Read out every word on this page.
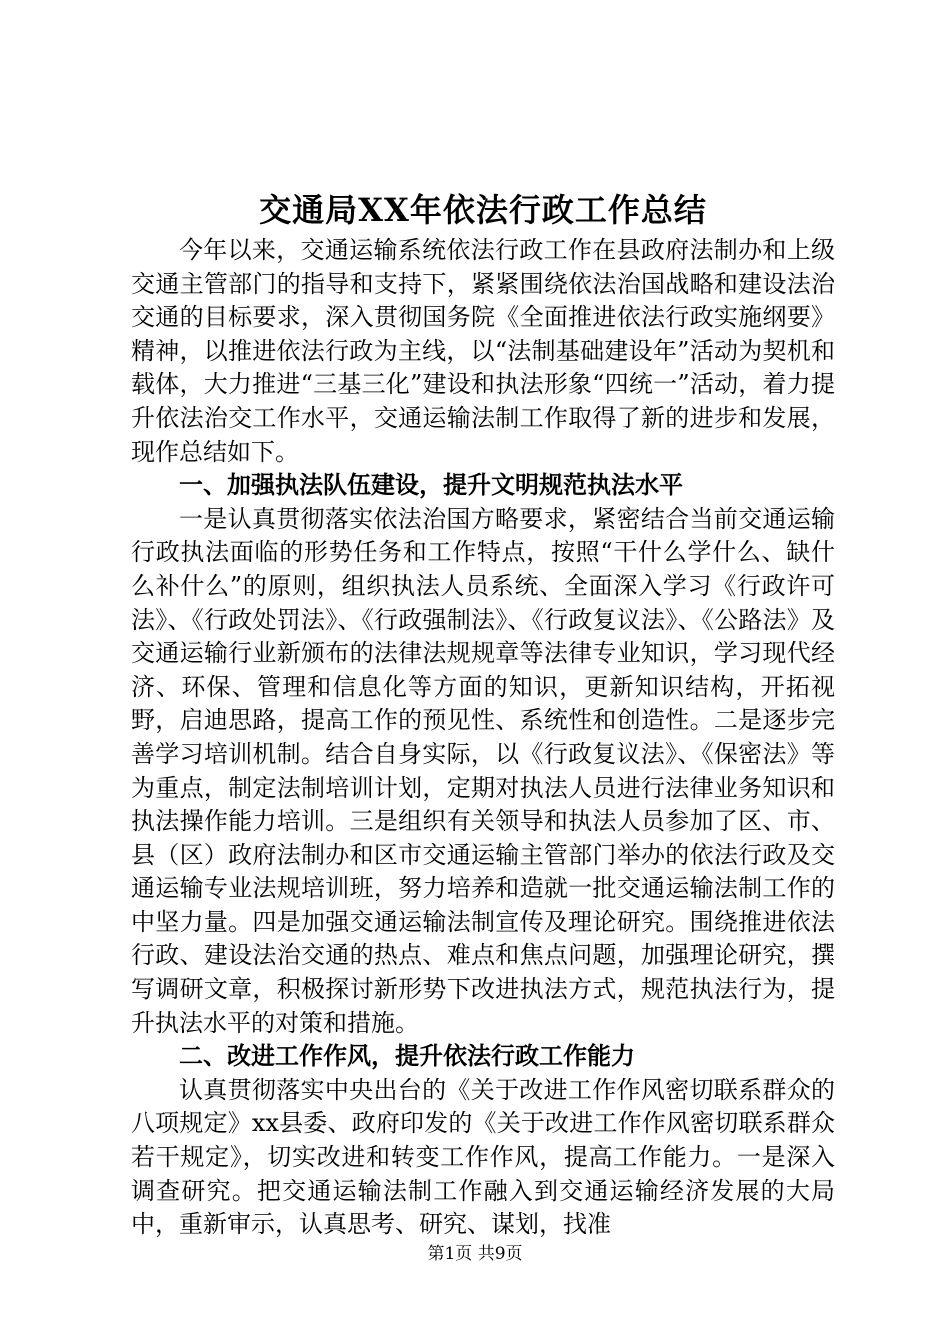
交通局XX年依法行政工作总结

今年以来，交通运输系统依法行政工作在县政府法制办和上级交通主管部门的指导和支持下，紧紧围绕依法治国战略和建设法治交通的目标要求，深入贯彻国务院《全面推进依法行政实施纲要》精神，以推进依法行政为主线，以“法制基础建设年”活动为契机和载体，大力推进“三基三化”建设和执法形象“四统一”活动，着力提升依法治交工作水平，交通运输法制工作取得了新的进步和发展，现作总结如下。

一、加强执法队伍建设，提升文明规范执法水平

一是认真贯彻落实依法治国方略要求，紧密结合当前交通运输行政执法面临的形势任务和工作特点，按照“干什么学什么、缺什么补什么”的原则，组织执法人员系统、全面深入学习《行政许可法》、《行政处罚法》、《行政强制法》、《行政复议法》、《公路法》及交通运输行业新颁布的法律法规规章等法律专业知识，学习现代经济、环保、管理和信息化等方面的知识，更新知识结构，开拓视野，启迪思路，提高工作的预见性、系统性和创造性。二是逐步完善学习培训机制。结合自身实际，以《行政复议法》、《保密法》等为重点，制定法制培训计划，定期对执法人员进行法律业务知识和执法操作能力培训。三是组织有关领导和执法人员参加了区、市、县（区）政府法制办和区市交通运输主管部门举办的依法行政及交通运输专业法规培训班，努力培养和造就一批交通运输法制工作的中坚力量。四是加强交通运输法制宣传及理论研究。围绕推进依法行政、建设法治交通的热点、难点和焦点问题，加强理论研究，撰写调研文章，积极探讨新形势下改进执法方式，规范执法行为，提升执法水平的对策和措施。

二、改进工作作风，提升依法行政工作能力

认真贯彻落实中央出台的《关于改进工作作风密切联系群众的八项规定》xx县委、政府印发的《关于改进工作作风密切联系群众若干规定》，切实改进和转变工作作风，提高工作能力。一是深入调查研究。把交通运输法制工作融入到交通运输经济发展的大局中，重新审示，认真思考、研究、谋划，找准

第1页 共9页
